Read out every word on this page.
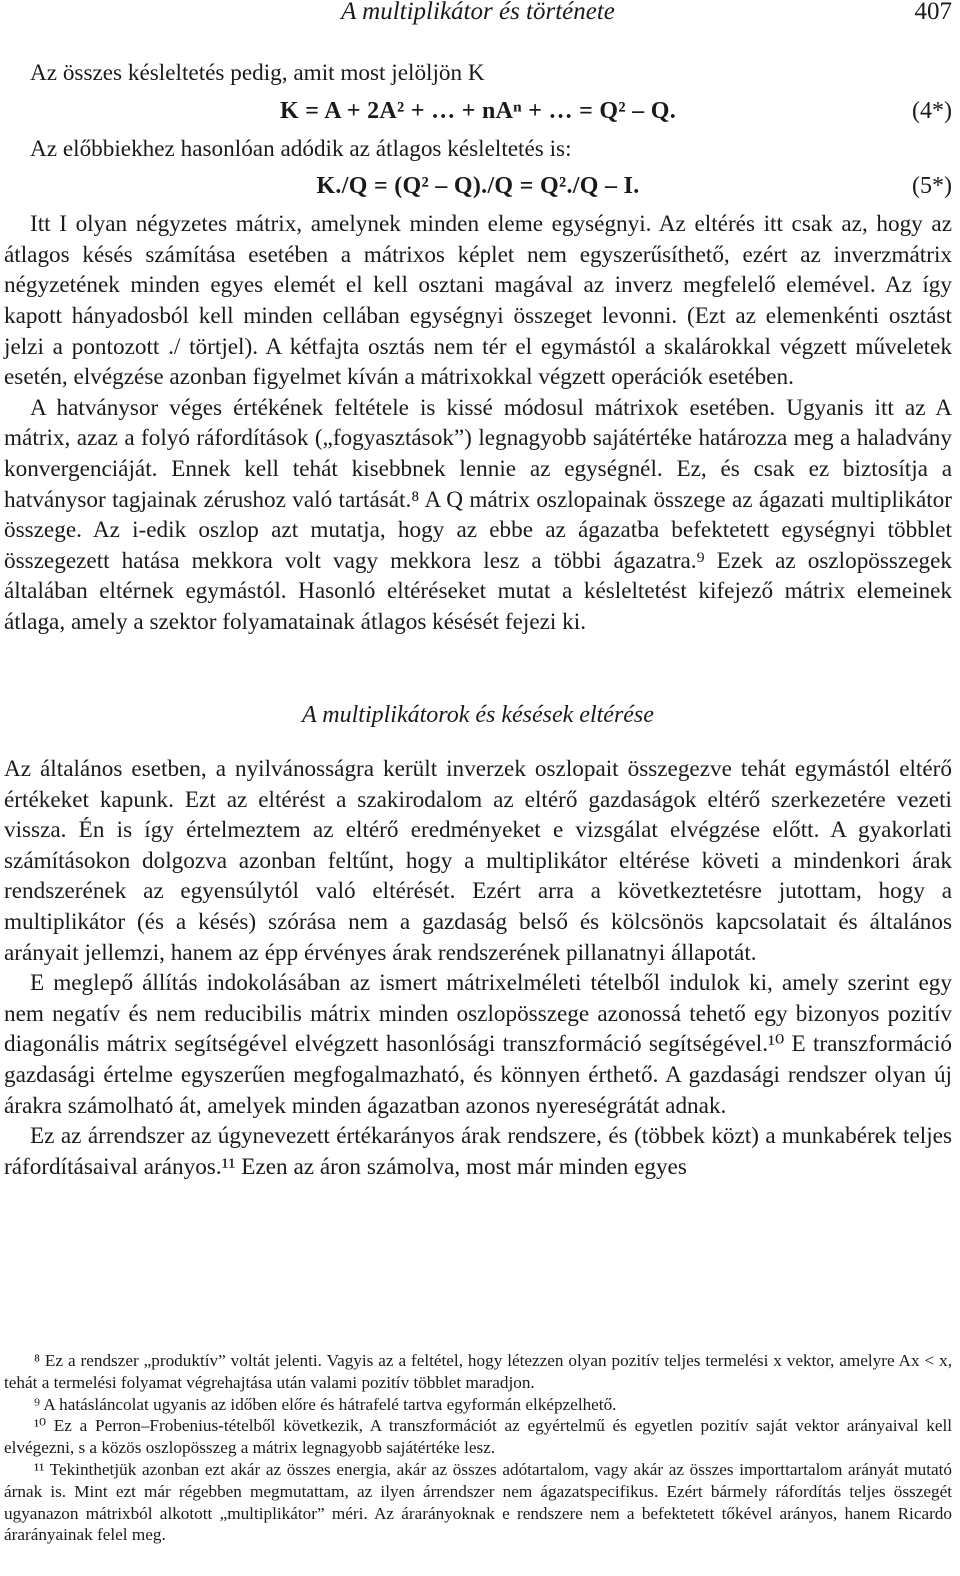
A multiplikátor és története	407

Az összes késleltetés pedig, amit most jelöljön K

K = A + 2A² + … + nAⁿ + … = Q² – Q.	(4*)

Az előbbiekhez hasonlóan adódik az átlagos késleltetés is:

K./Q = (Q² – Q)./Q = Q²./Q – I.	(5*)

Itt I olyan négyzetes mátrix, amelynek minden eleme egységnyi. Az eltérés itt csak az, hogy az átlagos késés számítása esetében a mátrixos képlet nem egyszerűsíthető, ezért az inverzmátrix négyzetének minden egyes elemét el kell osztani magával az inverz megfelelő elemével. Az így kapott hányadosból kell minden cellában egységnyi összeget levonni. (Ezt az elemenkénti osztást jelzi a pontozott ./ törtjel). A kétfajta osztás nem tér el egymástól a skalárokkal végzett műveletek esetén, elvégzése azonban figyelmet kíván a mátrixokkal végzett operációk esetében.

A hatványsor véges értékének feltétele is kissé módosul mátrixok esetében. Ugyanis itt az A mátrix, azaz a folyó ráfordítások („fogyasztások”) legnagyobb sajátértéke határozza meg a haladvány konvergenciáját. Ennek kell tehát kisebbnek lennie az egységnél. Ez, és csak ez biztosítja a hatványsor tagjainak zérushoz való tartását.⁸ A Q mátrix oszlopainak összege az ágazati multiplikátor összege. Az i-edik oszlop azt mutatja, hogy az ebbe az ágazatba befektetett egységnyi többlet összegezett hatása mekkora volt vagy mekkora lesz a többi ágazatra.⁹ Ezek az oszlopösszegek általában eltérnek egymástól. Hasonló eltéréseket mutat a késleltetést kifejező mátrix elemeinek átlaga, amely a szektor folyamatainak átlagos késését fejezi ki.

A multiplikátorok és késések eltérése

Az általános esetben, a nyilvánosságra került inverzek oszlopait összegezve tehát egymástól eltérő értékeket kapunk. Ezt az eltérést a szakirodalom az eltérő gazdaságok eltérő szerkezetére vezeti vissza. Én is így értelmeztem az eltérő eredményeket e vizsgálat elvégzése előtt. A gyakorlati számításokon dolgozva azonban feltűnt, hogy a multiplikátor eltérése követi a mindenkori árak rendszerének az egyensúlytól való eltérését. Ezért arra a következtetésre jutottam, hogy a multiplikátor (és a késés) szórása nem a gazdaság belső és kölcsönös kapcsolatait és általános arányait jellemzi, hanem az épp érvényes árak rendszerének pillanatnyi állapotát.

E meglepő állítás indokolásában az ismert mátrixelméleti tételből indulok ki, amely szerint egy nem negatív és nem reducibilis mátrix minden oszlopösszege azonossá tehető egy bizonyos pozitív diagonális mátrix segítségével elvégzett hasonlósági transzformáció segítségével.¹⁰ E transzformáció gazdasági értelme egyszerűen megfogalmazható, és könnyen érthető. A gazdasági rendszer olyan új árakra számolható át, amelyek minden ágazatban azonos nyereségrátát adnak.

Ez az árrendszer az úgynevezett értékarányos árak rendszere, és (többek közt) a munkabérek teljes ráfordításaival arányos.¹¹ Ezen az áron számolva, most már minden egyes

⁸ Ez a rendszer „produktív” voltát jelenti. Vagyis az a feltétel, hogy létezzen olyan pozitív teljes termelési x vektor, amelyre Ax < x, tehát a termelési folyamat végrehajtása után valami pozitív többlet maradjon.

⁹ A hatásláncolat ugyanis az időben előre és hátrafelé tartva egyformán elképzelhető.

¹⁰ Ez a Perron–Frobenius-tételből következik, A transzformációt az egyértelmű és egyetlen pozitív saját vektor arányaival kell elvégezni, s a közös oszlopösszeg a mátrix legnagyobb sajátértéke lesz.

¹¹ Tekinthetjük azonban ezt akár az összes energia, akár az összes adótartalom, vagy akár az összes importtartalom arányát mutató árnak is. Mint ezt már régebben megmutattam, az ilyen árrendszer nem ágazatspecifikus. Ezért bármely ráfordítás teljes összegét ugyanazon mátrixból alkotott „multiplikátor” méri. Az árarányoknak e rendszere nem a befektetett tőkével arányos, hanem Ricardo árarányainak felel meg.
